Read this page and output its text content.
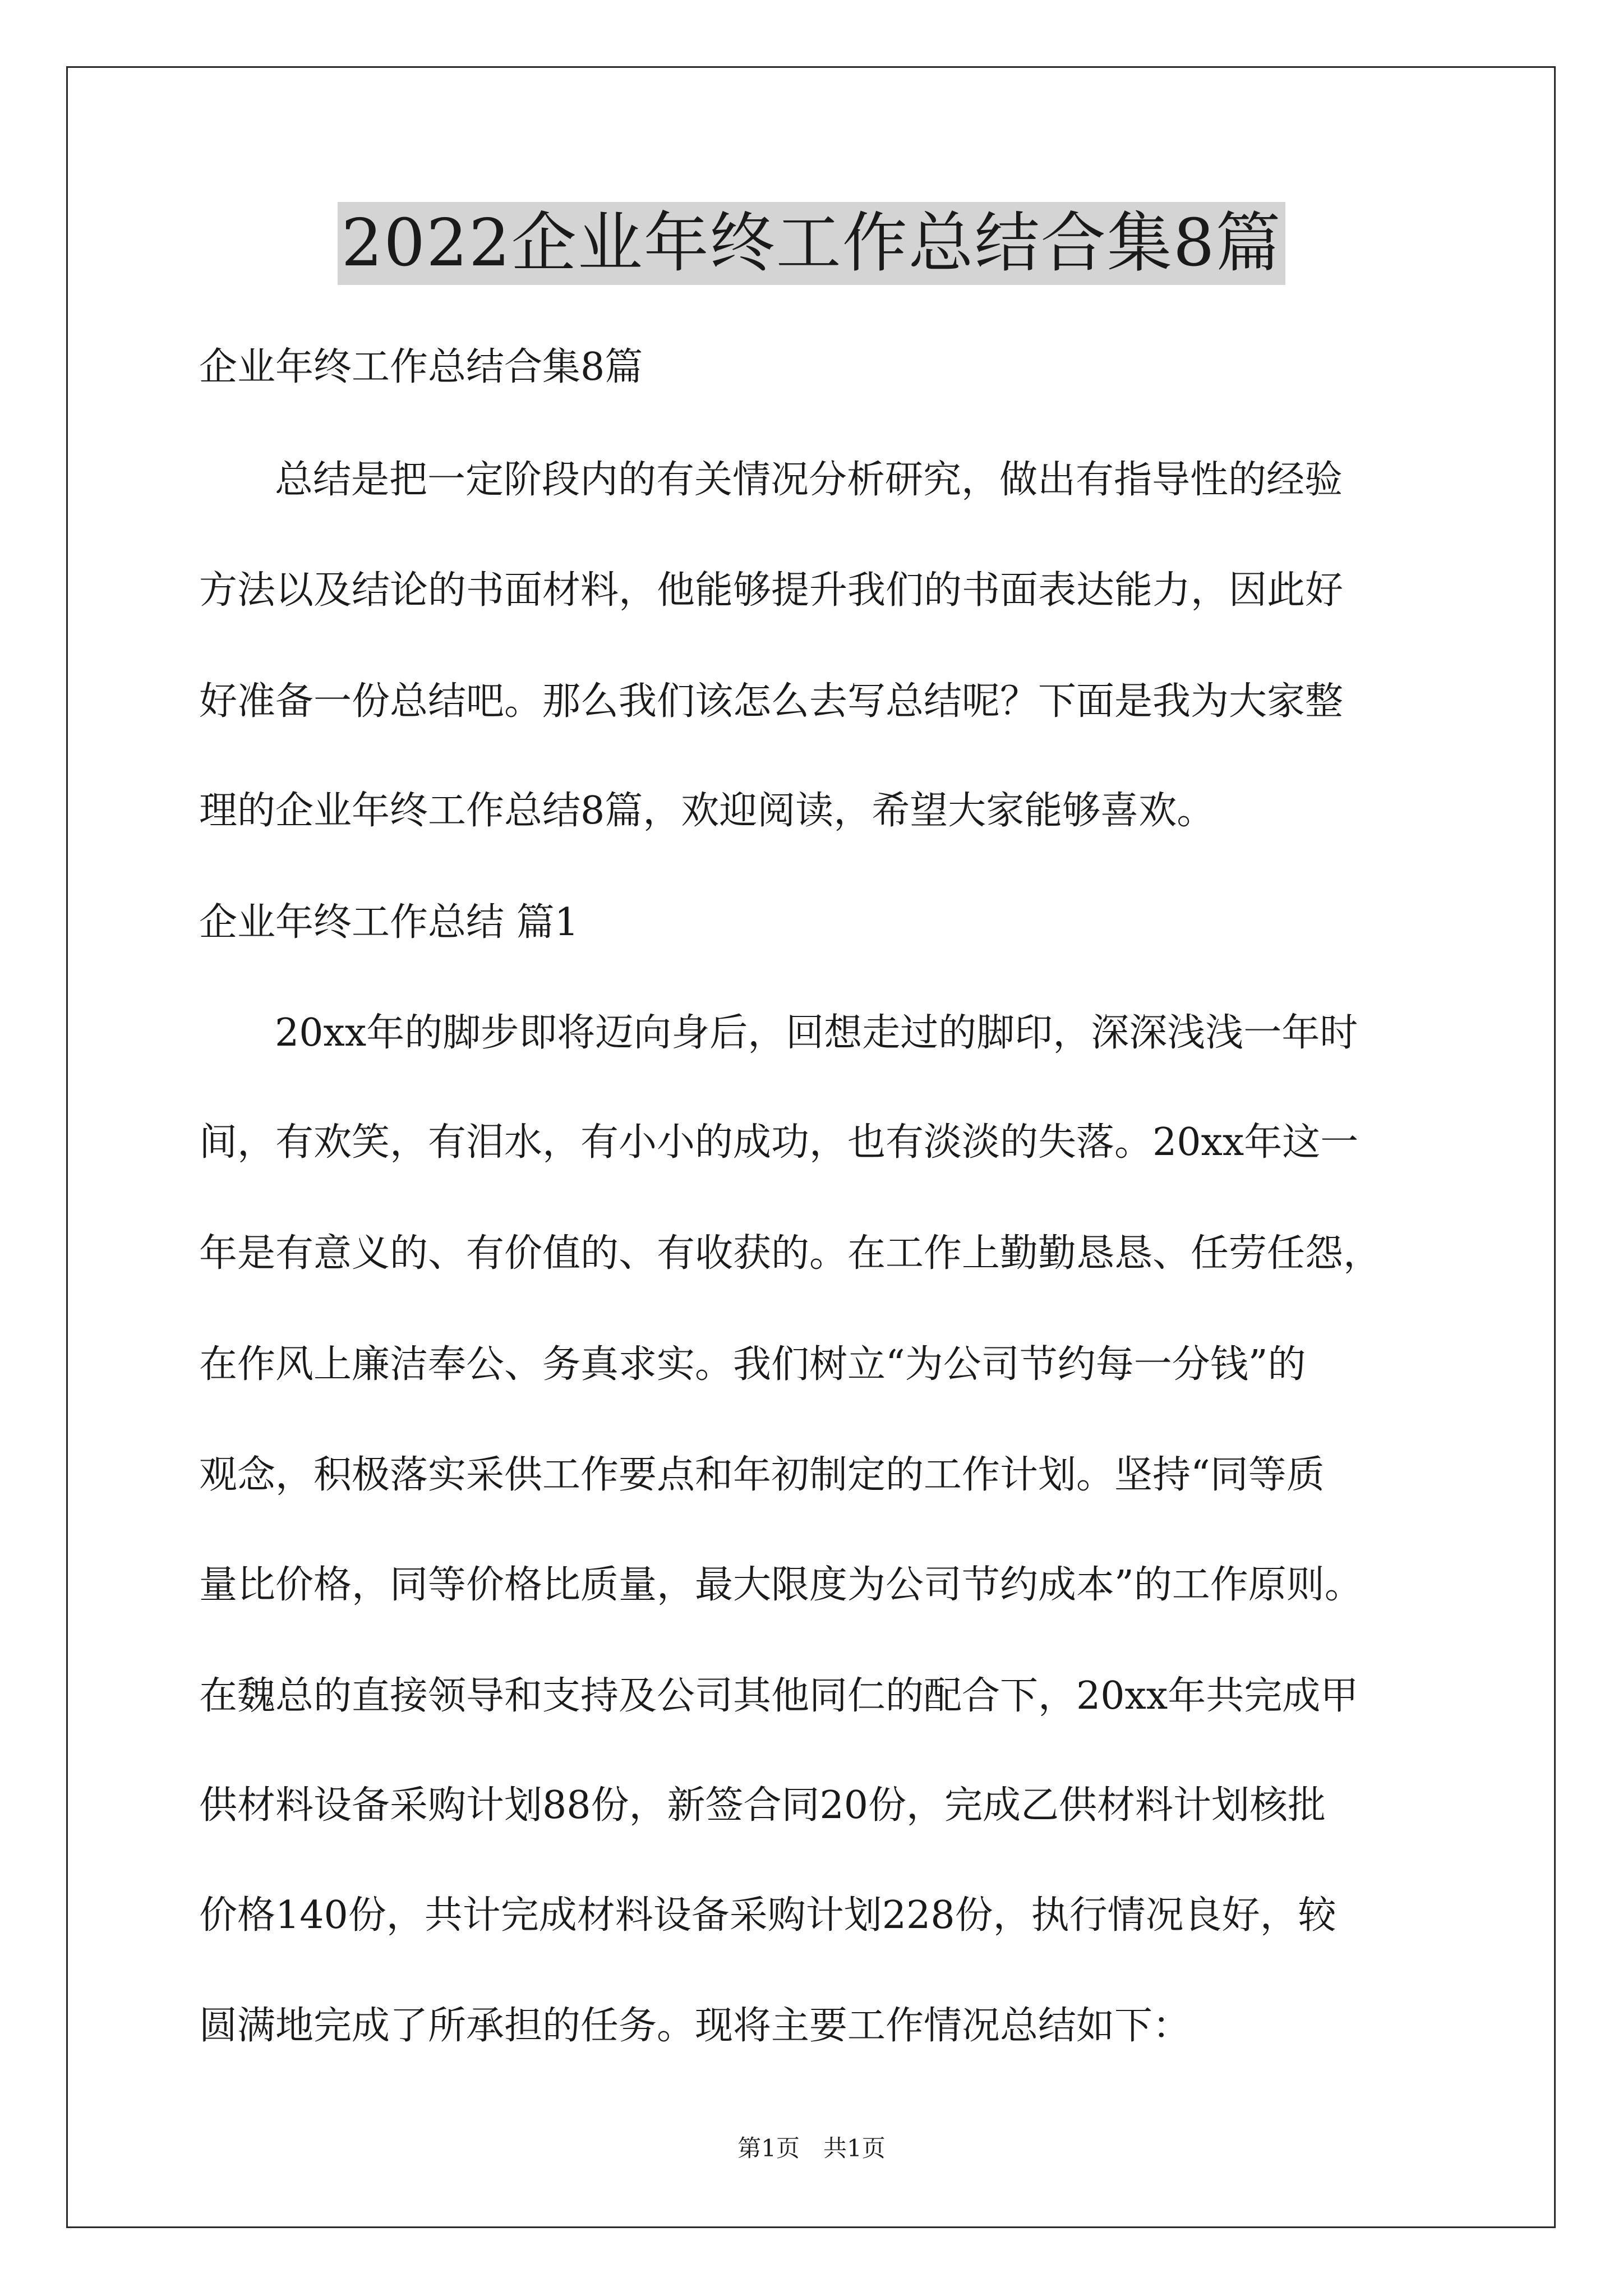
2022企业年终工作总结合集8篇
企业年终工作总结合集8篇
总结是把一定阶段内的有关情况分析研究，做出有指导性的经验
方法以及结论的书面材料，他能够提升我们的书面表达能力，因此好
好准备一份总结吧。那么我们该怎么去写总结呢？下面是我为大家整
理的企业年终工作总结8篇，欢迎阅读，希望大家能够喜欢。
企业年终工作总结 篇1
20xx年的脚步即将迈向身后，回想走过的脚印，深深浅浅一年时
间，有欢笑，有泪水，有小小的成功，也有淡淡的失落。20xx年这一
年是有意义的、有价值的、有收获的。在工作上勤勤恳恳、任劳任怨，
在作风上廉洁奉公、务真求实。我们树立“为公司节约每一分钱”的
观念，积极落实采供工作要点和年初制定的工作计划。坚持“同等质
量比价格，同等价格比质量，最大限度为公司节约成本”的工作原则。
在魏总的直接领导和支持及公司其他同仁的配合下，20xx年共完成甲
供材料设备采购计划88份，新签合同20份，完成乙供材料计划核批
价格140份，共计完成材料设备采购计划228份，执行情况良好，较
圆满地完成了所承担的任务。现将主要工作情况总结如下：
第1页　共1页
